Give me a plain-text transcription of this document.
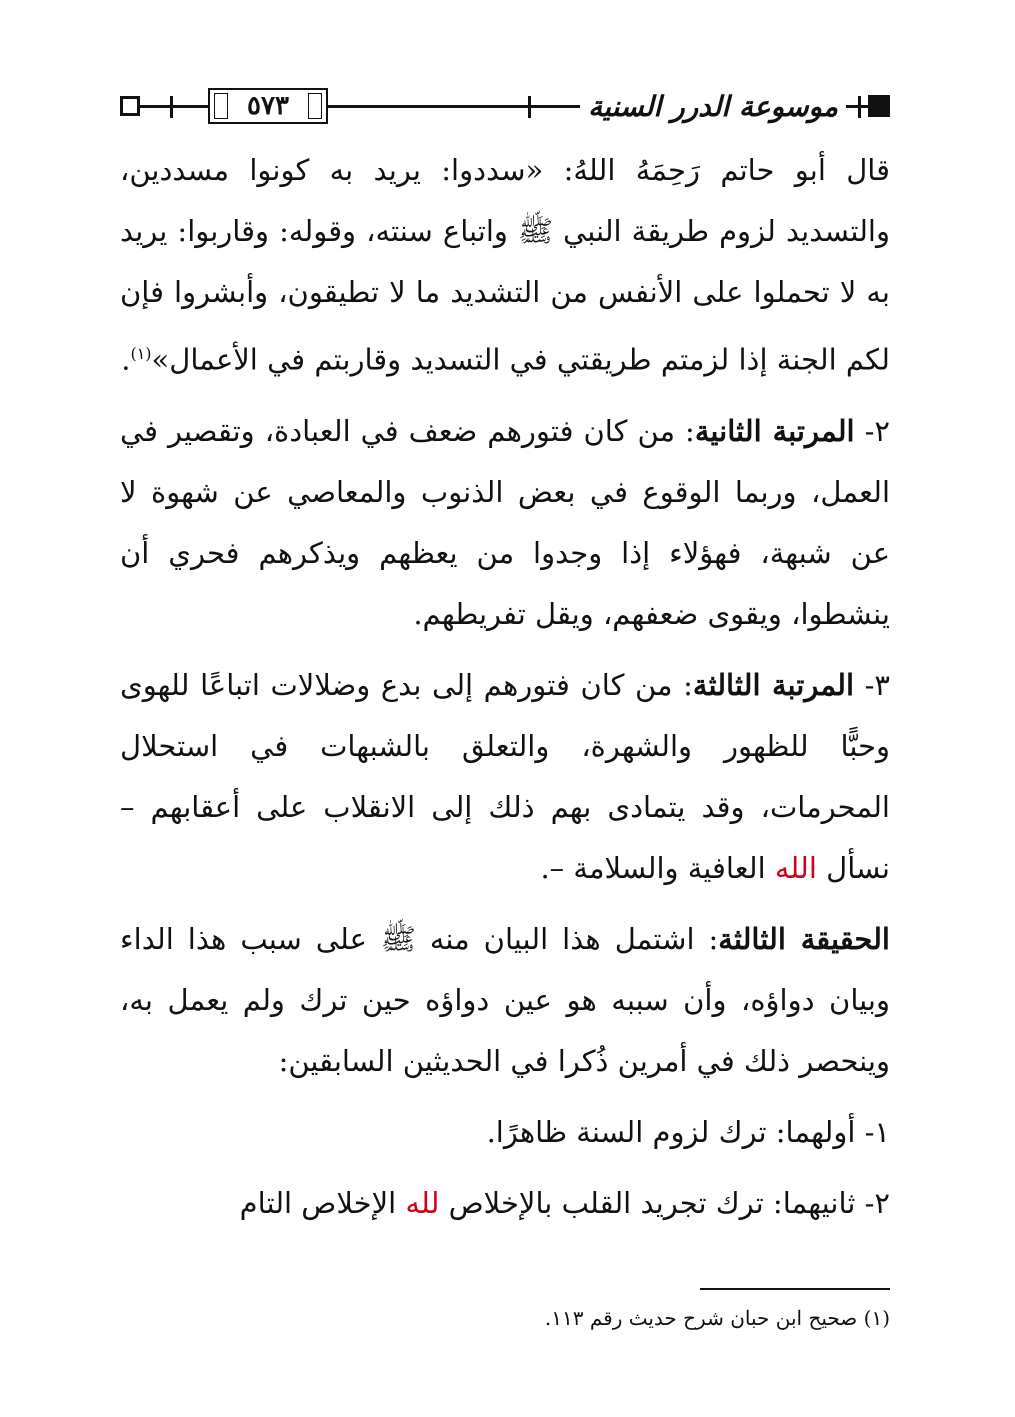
٥٧٣	موسوعة الدرر السنية

قال أبو حاتم رَحِمَهُ اللهُ: «سددوا: يريد به كونوا مسددين، والتسديد لزوم طريقة النبي ﷺ واتباع سنته، وقوله: وقاربوا: يريد به لا تحملوا على الأنفس من التشديد ما لا تطيقون، وأبشروا فإن لكم الجنة إذا لزمتم طريقتي في التسديد وقاربتم في الأعمال»$^{(١)}$.

٢- المرتبة الثانية: من كان فتورهم ضعف في العبادة، وتقصير في العمل، وربما الوقوع في بعض الذنوب والمعاصي عن شهوة لا عن شبهة، فهؤلاء إذا وجدوا من يعظهم ويذكرهم فحري أن ينشطوا، ويقوى ضعفهم، ويقل تفريطهم.

٣- المرتبة الثالثة: من كان فتورهم إلى بدع وضلالات اتباعًا للهوى وحبًّا للظهور والشهرة، والتعلق بالشبهات في استحلال المحرمات، وقد يتمادى بهم ذلك إلى الانقلاب على أعقابهم – نسأل الله العافية والسلامة –.

الحقيقة الثالثة: اشتمل هذا البيان منه ﷺ على سبب هذا الداء وبيان دواؤه، وأن سببه هو عين دواؤه حين ترك ولم يعمل به، وينحصر ذلك في أمرين ذُكرا في الحديثين السابقين:

١- أولهما: ترك لزوم السنة ظاهرًا.

٢- ثانيهما: ترك تجريد القلب بالإخلاص لله الإخلاص التام

(١) صحيح ابن حبان شرح حديث رقم ١١٣.
